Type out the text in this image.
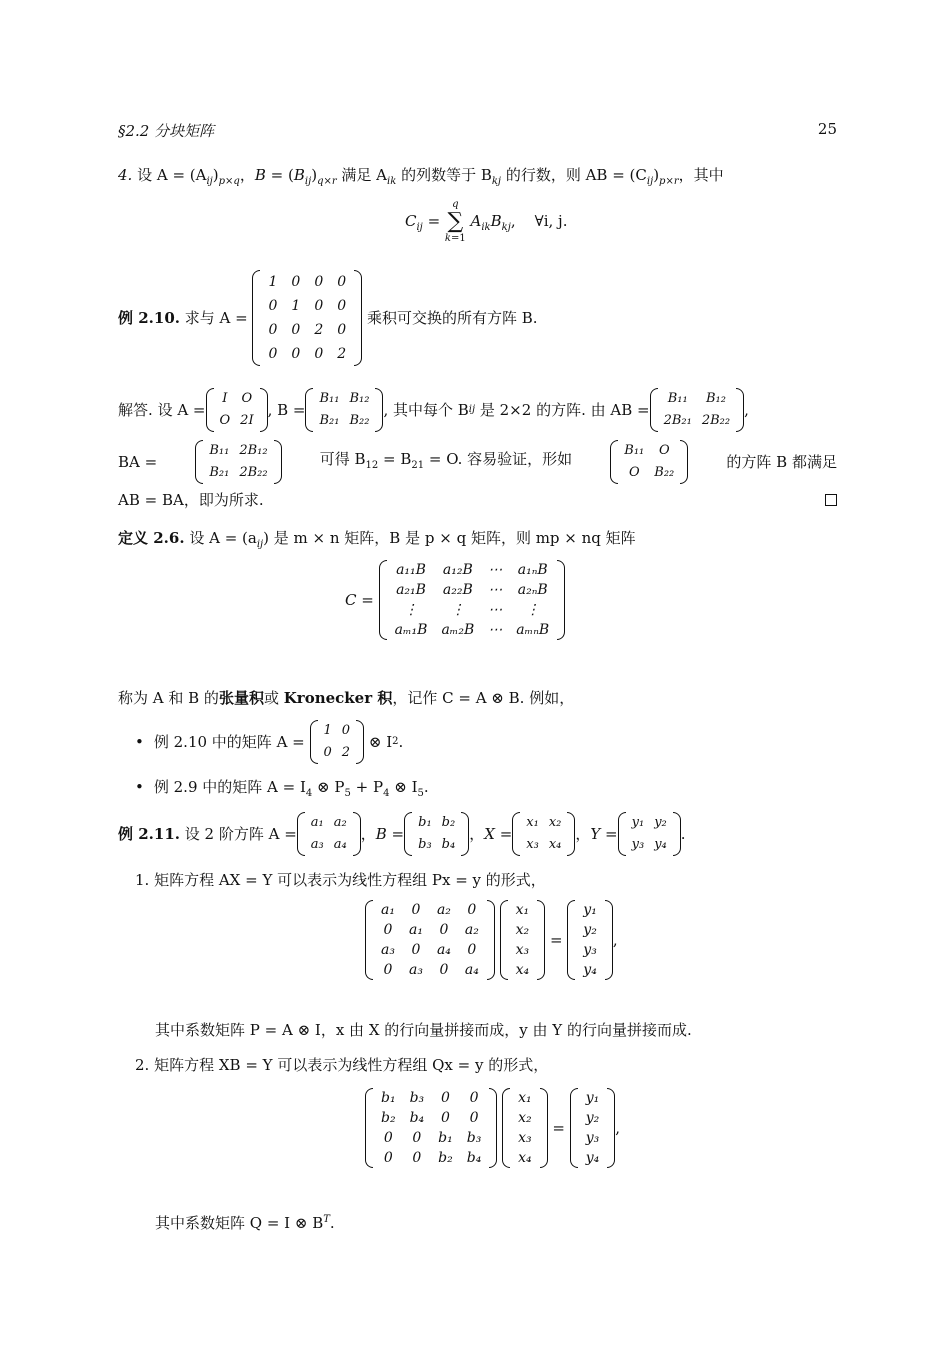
§2.2 分块矩阵	25
4. 设 $A = (A_{ij})_{p\times q}$，$B = (B_{ij})_{q\times r}$ 满足 $A_{ik}$ 的列数等于 $B_{kj}$ 的行数，则 AB = $(C_{ij})_{p\times r}$，其中
$C_{ij} = q$
∑
k=1 $A_{ik}B_{kj}$,    ∀i, j.
例 2.10.
求与 A =

1	0	0	0
0	1	0	0
0	0	2	0
0	0	0	2

乘积可交换的所有方阵 B.
解答.
设 A =
I	O
O	2I
, B =
B₁₁	B₁₂
B₂₁	B₂₂
, 其中每个 B ij
是 2×2 的方阵. 由 AB =
B₁₁	B₁₂
2B₂₁	2B₂₂
,
BA =
B₁₁	2B₁₂
B₂₁	2B₂₂
可得 $B_{12} = B_{21} = O$. 容易验证，形如	B₁₁	O
O	B₂₂
的方阵 B 都满足
AB = BA，即为所求.
定义 2.6. 设 $A = (a_{ij})$ 是 m × n 矩阵，B 是 p × q 矩阵，则 mp × nq 矩阵
C =
a₁₁B	a₁₂B	⋯	a₁ₙB
a₂₁B	a₂₂B	⋯	a₂ₙB
⋮	⋮	⋯	⋮
aₘ₁B	aₘ₂B	⋯	aₘₙB
称为 A 和 B 的张量积或 Kronecker 积，记作 C = A ⊗ B. 例如，
•
例 2.10 中的矩阵 A =

1	0
0	2

⊗ I 2 .
• 例 2.9 中的矩阵 $A = I_4$ ⊗ $P_5 + P_4$ ⊗ $I_5$.
例 2.11.
设 2 阶方阵 A =
a₁	a₂
a₃	a₄
， B =
b₁	b₂
b₃	b₄
， X =
x₁	x₂
x₃	x₄
， Y =
y₁	y₂
y₃	y₄
.
1. 矩阵方程 AX = Y 可以表示为线性方程组 Px = y 的形式，
a₁	0	a₂	0
0	a₁	0	a₂
a₃	0	a₄	0
0	a₃	0	a₄

x₁
x₂
x₃
x₄
=
y₁
y₂
y₃
y₄
,
其中系数矩阵 P = A ⊗ I，x 由 X 的行向量拼接而成，y 由 Y 的行向量拼接而成.
2. 矩阵方程 XB = Y 可以表示为线性方程组 Qx = y 的形式，
b₁	b₃	0	0
b₂	b₄	0	0
0	0	b₁	b₃
0	0	b₂	b₄

x₁
x₂
x₃
x₄
=
y₁
y₂
y₃
y₄
,
其中系数矩阵 Q = I ⊗ $B^T$.
